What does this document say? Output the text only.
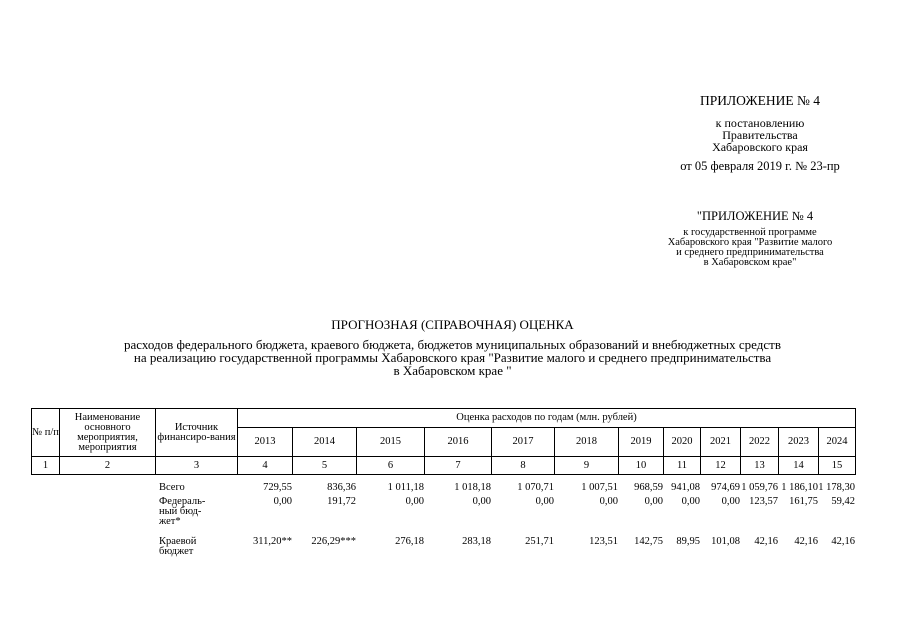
ПРИЛОЖЕНИЕ № 4
к постановлению
Правительства
Хабаровского края
от 05 февраля 2019 г. № 23-пр
"ПРИЛОЖЕНИЕ № 4
к государственной программе
Хабаровского края "Развитие малого
и среднего предпринимательства
в Хабаровском крае"
ПРОГНОЗНАЯ (СПРАВОЧНАЯ) ОЦЕНКА
расходов федерального бюджета, краевого бюджета, бюджетов муниципальных образований и внебюджетных средств
на реализацию государственной программы Хабаровского края "Развитие малого и среднего предпринимательства
в Хабаровском крае "
№ п/п	Наименование основного мероприятия, мероприятия	Источник финансиро-вания	Оценка расходов по годам (млн. рублей)											
			2013	2014	2015	2016	2017	2018	2019	2020	2021	2022	2023	2024
1	2	3	4	5	6	7	8	9	10	11	12	13	14	15
		Всего	729,55	836,36	1 011,18	1 018,18	1 070,71	1 007,51	968,59	941,08	974,69	1 059,76	1 186,10	1 178,30
		Федераль-ный бюд-жет*	0,00	191,72	0,00	0,00	0,00	0,00	0,00	0,00	0,00	123,57	161,75	59,42
		Краевой бюджет	311,20**	226,29***	276,18	283,18	251,71	123,51	142,75	89,95	101,08	42,16	42,16	42,16
